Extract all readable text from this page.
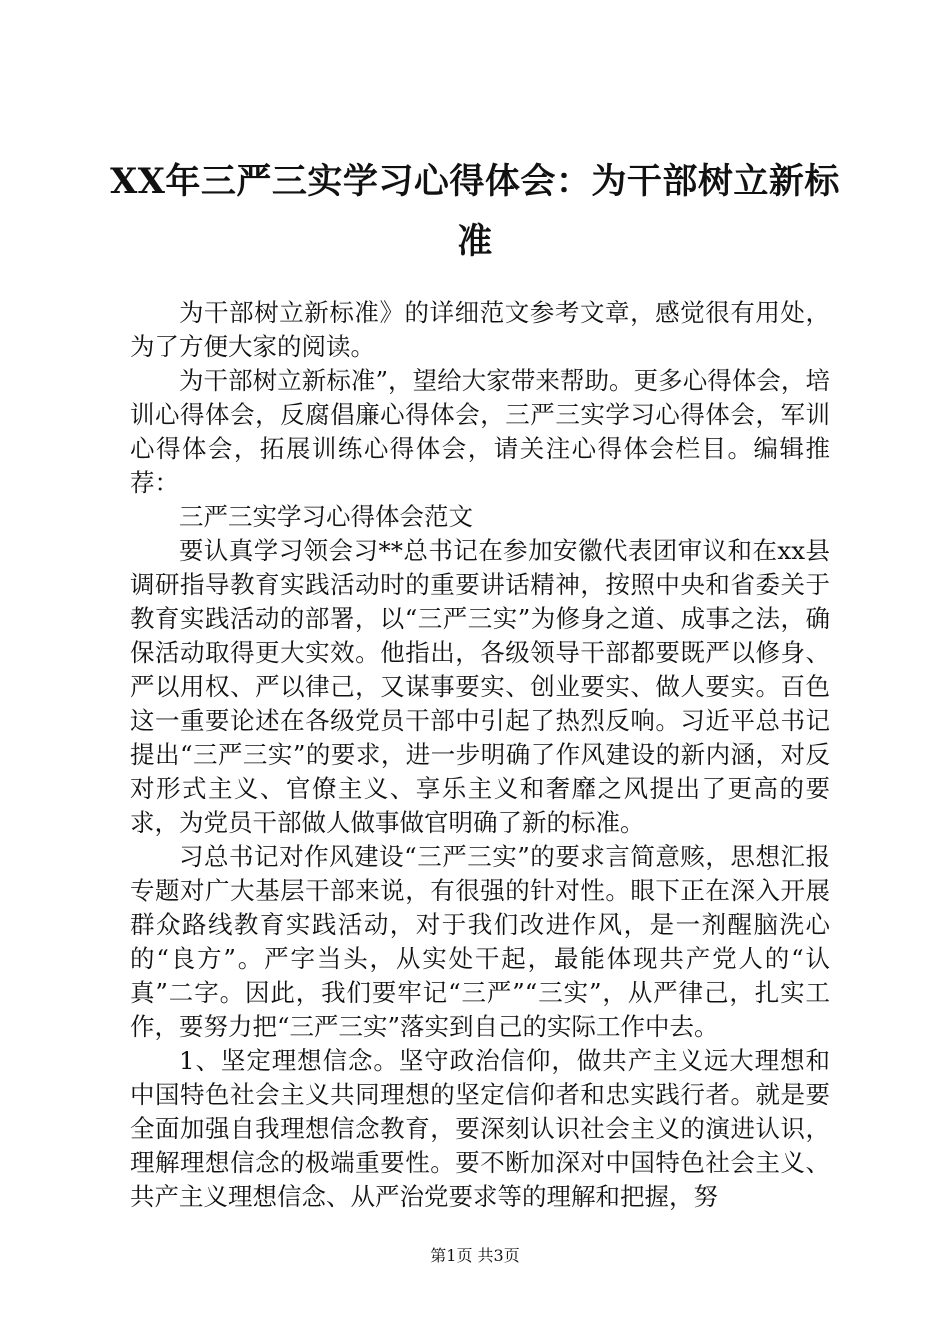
XX年三严三实学习心得体会：为干部树立新标准

为干部树立新标准》的详细范文参考文章，感觉很有用处，为了方便大家的阅读。

为干部树立新标准”，望给大家带来帮助。更多心得体会，培训心得体会，反腐倡廉心得体会，三严三实学习心得体会，军训心得体会，拓展训练心得体会，请关注心得体会栏目。编辑推荐：

三严三实学习心得体会范文

要认真学习领会习**总书记在参加安徽代表团审议和在xx县调研指导教育实践活动时的重要讲话精神，按照中央和省委关于教育实践活动的部署，以“三严三实”为修身之道、成事之法，确保活动取得更大实效。他指出，各级领导干部都要既严以修身、严以用权、严以律己，又谋事要实、创业要实、做人要实。百色这一重要论述在各级党员干部中引起了热烈反响。习近平总书记提出“三严三实”的要求，进一步明确了作风建设的新内涵，对反对形式主义、官僚主义、享乐主义和奢靡之风提出了更高的要求，为党员干部做人做事做官明确了新的标准。

习总书记对作风建设“三严三实”的要求言简意赅，思想汇报专题对广大基层干部来说，有很强的针对性。眼下正在深入开展群众路线教育实践活动，对于我们改进作风，是一剂醒脑洗心的“良方”。严字当头，从实处干起，最能体现共产党人的“认真”二字。因此，我们要牢记“三严”“三实”，从严律己，扎实工作，要努力把“三严三实”落实到自己的实际工作中去。

1、坚定理想信念。坚守政治信仰，做共产主义远大理想和中国特色社会主义共同理想的坚定信仰者和忠实践行者。就是要全面加强自我理想信念教育，要深刻认识社会主义的演进认识，理解理想信念的极端重要性。要不断加深对中国特色社会主义、共产主义理想信念、从严治党要求等的理解和把握，努

第1页 共3页
